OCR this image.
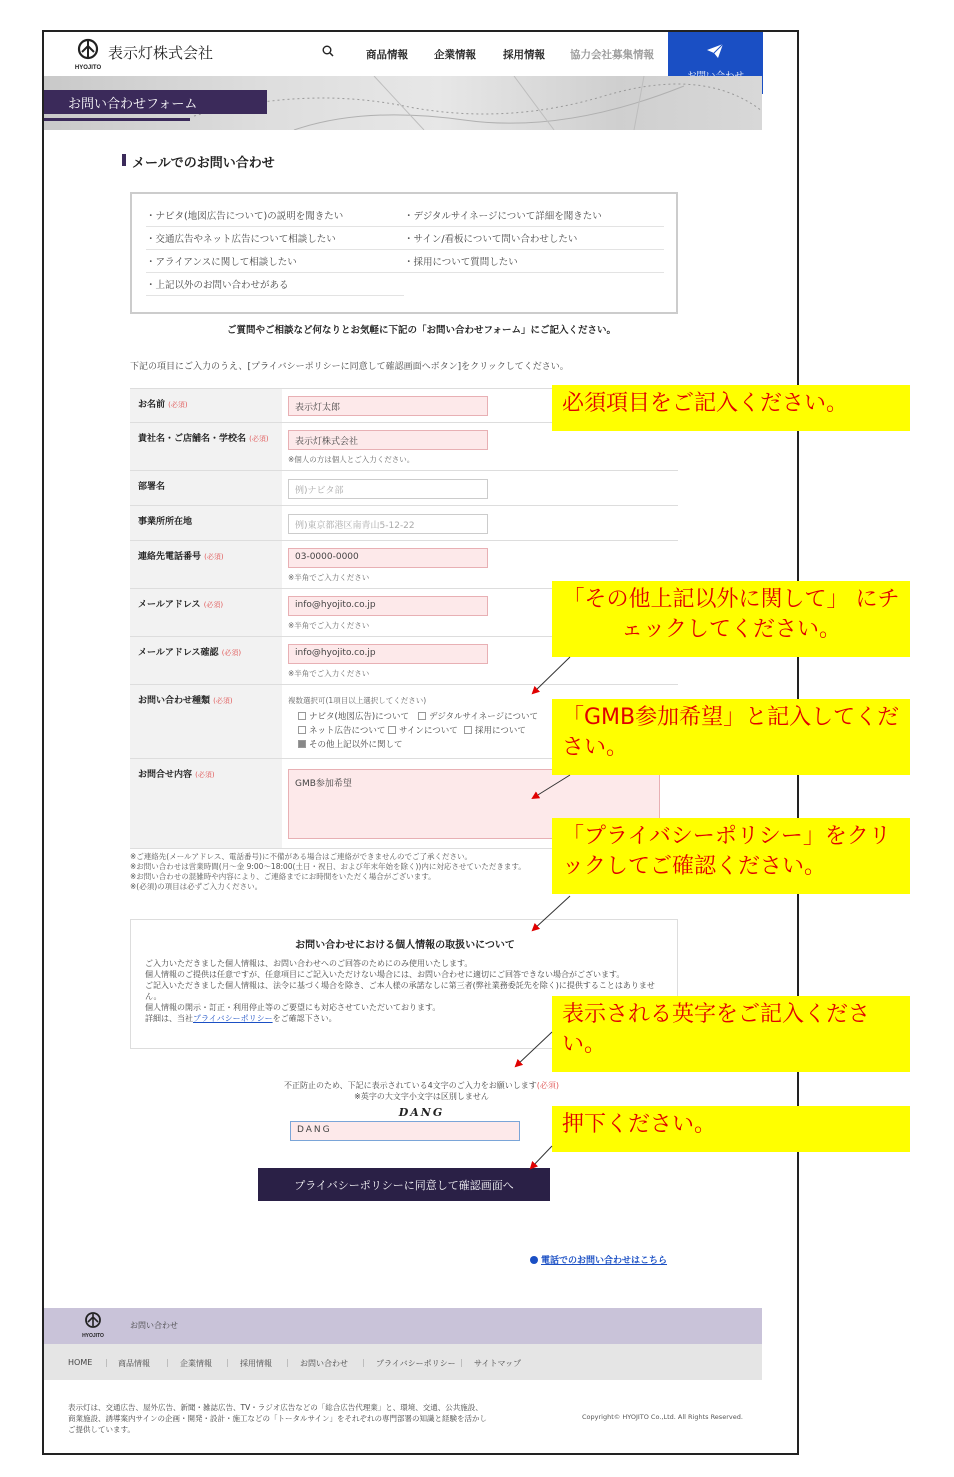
HYOJITO
表示灯株式会社	商品情報 企業情報	採用情報 協力会社募集情報
お問い合わせフォーム
メールでのお問い合わせ
・ナビタ(地図広告について)の説明を聞きたい	・デジタルサイネージについて詳細を聞きたい
・交通広告やネット広告について相談したい	・サイン/看板について問い合わせしたい
・アライアンスに関して相談したい	・採用について質問したい
・上記以外のお問い合わせがある
ご質問やご相談など何なりとお気軽に下記の「お問い合わせフォーム」にご記入ください。
下記の項目にご入力のうえ、[プライバシーポリシーに同意して確認画面へボタン]をクリックしてください。
お名前 (必須)	表示灯太郎
貴社名・ご店舗名・学校名 (必須)	表示灯株式会社
※個人の方は個人とご入力ください。
部署名	例)ナビタ部
事業所所在地	例)東京都港区南青山5-12-22
連絡先電話番号 (必須)	03-0000-0000
※半角でご入力ください
メールアドレス (必須)	info@hyojito.co.jp
※半角でご入力ください
メールアドレス確認 (必須)	info@hyojito.co.jp
※半角でご入力ください
お問い合わせ種類 (必須)	複数選択可(1項目以上選択してください)
ナビタ(地図広告)について	デジタルサイネージについて
ネット広告について	サインについて	採用について
その他上記以外に関して
お問合せ内容 (必須)
GMB参加希望
※ご連絡先(メールアドレス、電話番号)に不備がある場合はご連絡ができませんのでご了承ください。
※お問い合わせは営業時間(月〜金 9:00〜18:00(土日・祝日、および年末年始を除く))内に対応させていただきます。
※お問い合わせの混雑時や内容により、ご連絡までにお時間をいただく場合がございます。
※(必須)の項目は必ずご入力ください。
お問い合わせにおける個人情報の取扱いについて
ご入力いただきました個人情報は、お問い合わせへのご回答のためにのみ使用いたします。
個人情報のご提供は任意ですが、任意項目にご記入いただけない場合には、お問い合わせに適切にご回答できない場合がございます。
ご記入いただきました個人情報は、法令に基づく場合を除き、ご本人様の承諾なしに第三者(弊社業務委託先を除く)に提供することはありません。
個人情報の開示・訂正・利用停止等のご要望にも対応させていただいております。
詳細は、当社プライバシーポリシーをご確認下さい。
不正防止のため、下記に表示されている4文字のご入力をお願いします(必須)
※英字の大文字小文字は区別しません
DANG
DANG
プライバシーポリシーに同意して確認画面へ
電話でのお問い合わせはこちら
HYOJITO
お問い合わせ
HOME | 商品情報 | 企業情報 | 採用情報 | お問い合わせ | プライバシーポリシー | サイトマップ
表示灯は、交通広告、屋外広告、新聞・雑誌広告、TV・ラジオ広告などの「総合広告代理業」と、環境、交通、公共施設、商業施設、誘導案内サインの企画・開発・設計・施工などの「トータルサイン」をそれぞれの専門部署の知識と経験を活かしご提供しています。
Copyright© HYOJITO Co.,Ltd. All Rights Reserved.
必須項目をご記入ください。
「その他上記以外に関して」 にチェックしてください。
「GMB参加希望」と記入してください。
「プライバシーポリシー」をクリックしてご確認ください。
表示される英字をご記入ください。
押下ください。
